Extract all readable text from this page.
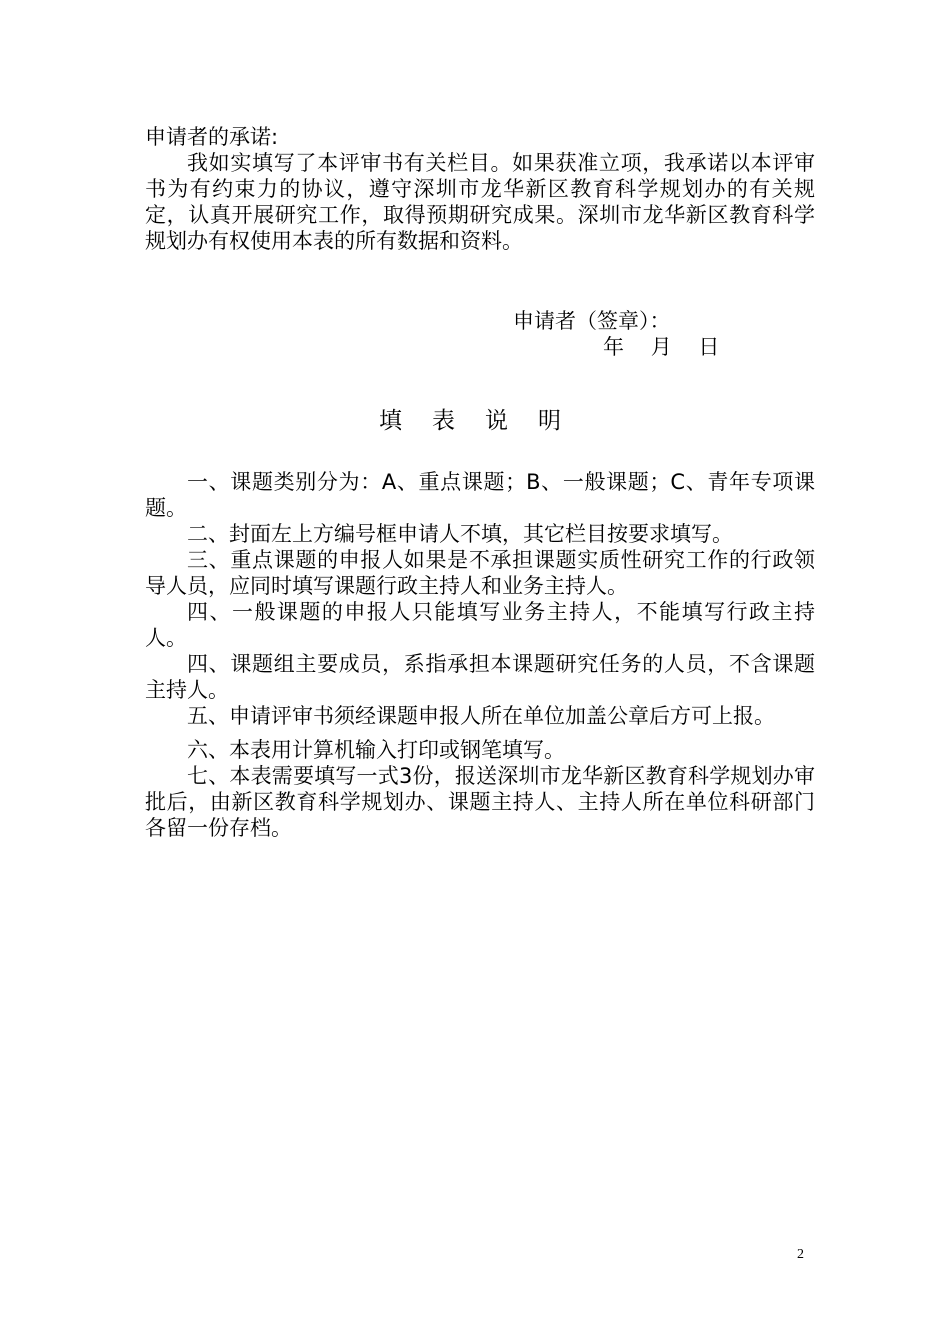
申请者的承诺:
我如实填写了本评审书有关栏目。如果获准立项，我承诺以本评审书为有约束力的协议，遵守深圳市龙华新区教育科学规划办的有关规定，认真开展研究工作，取得预期研究成果。深圳市龙华新区教育科学规划办有权使用本表的所有数据和资料。
申请者（签章）：
年    月    日
填表说明

一、课题类别分为：A、重点课题；B、一般课题；C、青年专项课题。

二、封面左上方编号框申请人不填，其它栏目按要求填写。

三、重点课题的申报人如果是不承担课题实质性研究工作的行政领导人员，应同时填写课题行政主持人和业务主持人。

四、一般课题的申报人只能填写业务主持人，不能填写行政主持人。

四、课题组主要成员，系指承担本课题研究任务的人员，不含课题主持人。

五、申请评审书须经课题申报人所在单位加盖公章后方可上报。

六、本表用计算机输入打印或钢笔填写。

七、本表需要填写一式3份，报送深圳市龙华新区教育科学规划办审批后，由新区教育科学规划办、课题主持人、主持人所在单位科研部门各留一份存档。

2
